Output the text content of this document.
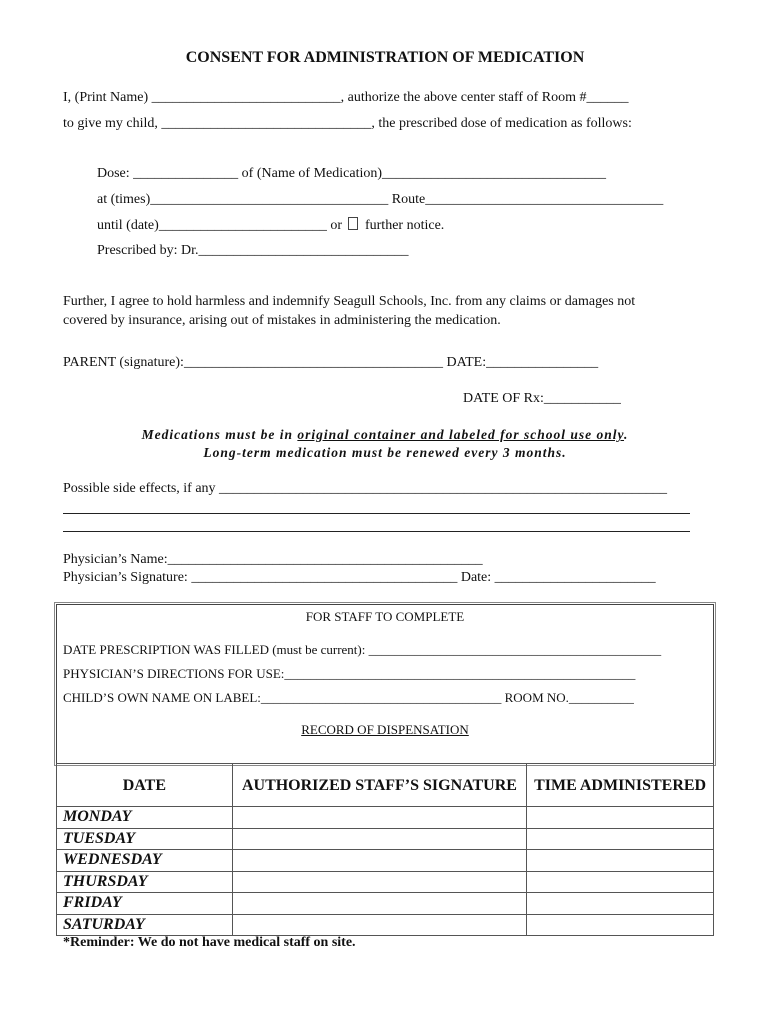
CONSENT FOR ADMINISTRATION OF MEDICATION
I, (Print Name) ___________________________, authorize the above center staff of Room #______
to give my child, ______________________________, the prescribed dose of medication as follows:
Dose: _______________ of (Name of Medication)________________________________
at (times)__________________________________ Route__________________________________
until (date)________________________ or  further notice.
Prescribed by: Dr.______________________________
Further, I agree to hold harmless and indemnify Seagull Schools, Inc. from any claims or damages not
covered by insurance, arising out of mistakes in administering the medication.
PARENT (signature):_____________________________________ DATE:________________
DATE OF Rx:___________
Medications must be in original container and labeled for school use only.
Long-term medication must be renewed every 3 months.
Possible side effects, if any ________________________________________________________________
Physician’s Name:_____________________________________________
Physician’s Signature: ______________________________________ Date: _______________________
FOR STAFF TO COMPLETE
DATE PRESCRIPTION WAS FILLED (must be current): _____________________________________________
PHYSICIAN’S DIRECTIONS FOR USE:______________________________________________________
CHILD’S OWN NAME ON LABEL:_____________________________________ ROOM NO.__________
RECORD OF DISPENSATION
DATE	AUTHORIZED STAFF’S SIGNATURE	TIME ADMINISTERED
MONDAY		
TUESDAY		
WEDNESDAY		
THURSDAY		
FRIDAY		
SATURDAY		
*Reminder: We do not have medical staff on site.
